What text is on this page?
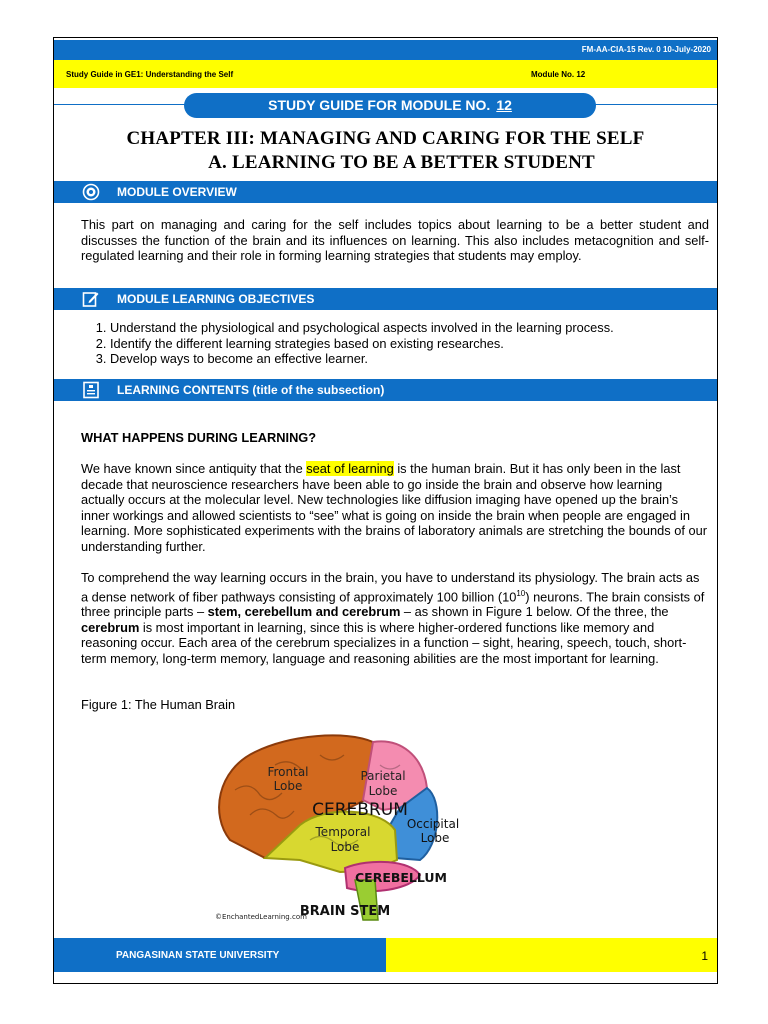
FM-AA-CIA-15 Rev. 0 10-July-2020
Study Guide in GE1: Understanding the Self	Module No. 12
STUDY GUIDE FOR MODULE NO. 12
CHAPTER III: MANAGING AND CARING FOR THE SELF
A. LEARNING TO BE A BETTER STUDENT
MODULE OVERVIEW
This part on managing and caring for the self includes topics about learning to be a better student and discusses the function of the brain and its influences on learning. This also includes metacognition and self-regulated learning and their role in forming learning strategies that students may employ.
MODULE LEARNING OBJECTIVES
1. Understand the physiological and psychological aspects involved in the learning process.
2. Identify the different learning strategies based on existing researches.
3. Develop ways to become an effective learner.
LEARNING CONTENTS (title of the subsection)
WHAT HAPPENS DURING LEARNING?
We have known since antiquity that the seat of learning is the human brain. But it has only been in the last decade that neuroscience researchers have been able to go inside the brain and observe how learning actually occurs at the molecular level. New technologies like diffusion imaging have opened up the brain’s inner workings and allowed scientists to “see” what is going on inside the brain when people are engaged in learning. More sophisticated experiments with the brains of laboratory animals are stretching the bounds of our understanding further.
To comprehend the way learning occurs in the brain, you have to understand its physiology. The brain acts as a dense network of fiber pathways consisting of approximately 100 billion $(10^{10})$ neurons. The brain consists of three principle parts – stem, cerebellum and cerebrum – as shown in Figure 1 below. Of the three, the cerebrum is most important in learning, since this is where higher-ordered functions like memory and reasoning occur. Each area of the cerebrum specializes in a function – sight, hearing, speech, touch, short-term memory, long-term memory, language and reasoning abilities are the most important for learning.
Figure 1: The Human Brain
Frontal
Lobe
Parietal
Lobe
CEREBRUM
Occipital
Lobe
Temporal
Lobe
CEREBELLUM
BRAIN STEM
©EnchantedLearning.com
PANGASINAN STATE UNIVERSITY	1
